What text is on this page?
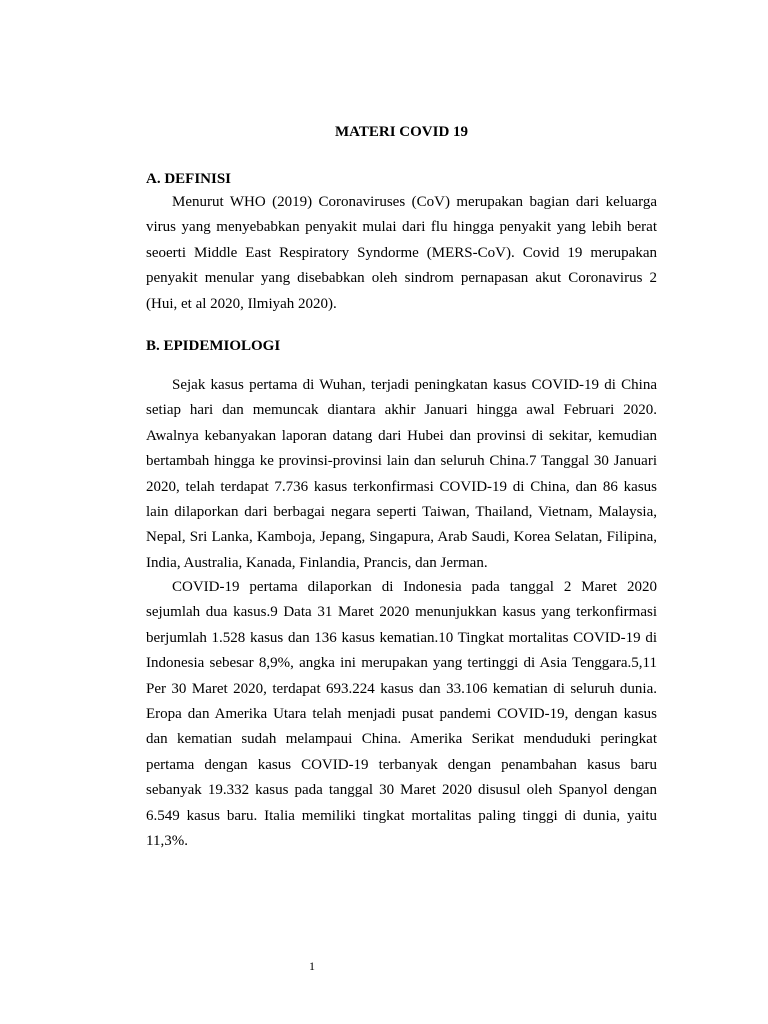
MATERI COVID 19
A. DEFINISI

Menurut WHO (2019) Coronaviruses (CoV) merupakan bagian dari keluarga virus yang menyebabkan penyakit mulai dari flu hingga penyakit yang lebih berat seoerti Middle East Respiratory Syndorme (MERS-CoV). Covid 19 merupakan penyakit menular yang disebabkan oleh sindrom pernapasan akut Coronavirus 2 (Hui, et al 2020, Ilmiyah 2020).

B. EPIDEMIOLOGI

Sejak kasus pertama di Wuhan, terjadi peningkatan kasus COVID-19 di China setiap hari dan memuncak diantara akhir Januari hingga awal Februari 2020. Awalnya kebanyakan laporan datang dari Hubei dan provinsi di sekitar, kemudian bertambah hingga ke provinsi-provinsi lain dan seluruh China.7 Tanggal 30 Januari 2020, telah terdapat 7.736 kasus terkonfirmasi COVID-19 di China, dan 86 kasus lain dilaporkan dari berbagai negara seperti Taiwan, Thailand, Vietnam, Malaysia, Nepal, Sri Lanka, Kamboja, Jepang, Singapura, Arab Saudi, Korea Selatan, Filipina, India, Australia, Kanada, Finlandia, Prancis, dan Jerman.

COVID-19 pertama dilaporkan di Indonesia pada tanggal 2 Maret 2020 sejumlah dua kasus.9 Data 31 Maret 2020 menunjukkan kasus yang terkonfirmasi berjumlah 1.528 kasus dan 136 kasus kematian.10 Tingkat mortalitas COVID-19 di Indonesia sebesar 8,9%, angka ini merupakan yang tertinggi di Asia Tenggara.5,11 Per 30 Maret 2020, terdapat 693.224 kasus dan 33.106 kematian di seluruh dunia. Eropa dan Amerika Utara telah menjadi pusat pandemi COVID-19, dengan kasus dan kematian sudah melampaui China. Amerika Serikat menduduki peringkat pertama dengan kasus COVID-19 terbanyak dengan penambahan kasus baru sebanyak 19.332 kasus pada tanggal 30 Maret 2020 disusul oleh Spanyol dengan 6.549 kasus baru. Italia memiliki tingkat mortalitas paling tinggi di dunia, yaitu 11,3%.

1
